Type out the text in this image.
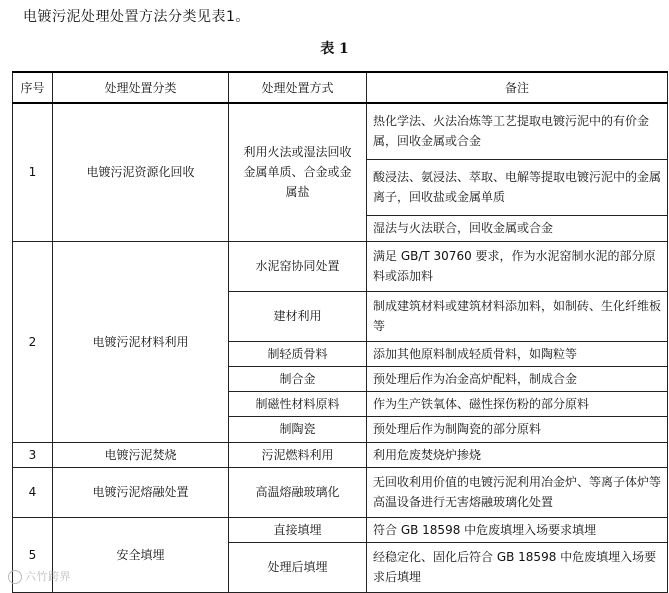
电镀污泥处理处置方法分类见表1。
表 1
序号	处理处置分类	处理处置方式	备注
1	电镀污泥资源化回收	利用火法或湿法回收金属单质、合金或金属盐	热化学法、火法冶炼等工艺提取电镀污泥中的有价金属，回收金属或合金
			酸浸法、氨浸法、萃取、电解等提取电镀污泥中的金属离子，回收盐或金属单质
			湿法与火法联合，回收金属或合金
2	电镀污泥材料利用	水泥窑协同处置	满足 GB/T 30760 要求，作为水泥窑制水泥的部分原料或添加料
		建材利用	制成建筑材料或建筑材料添加料，如制砖、生化纤维板等
		制轻质骨料	添加其他原料制成轻质骨料，如陶粒等
		制合金	预处理后作为冶金高炉配料，制成合金
		制磁性材料原料	作为生产铁氧体、磁性探伤粉的部分原料
		制陶瓷	预处理后作为制陶瓷的部分原料
3	电镀污泥焚烧	污泥燃料利用	利用危废焚烧炉掺烧
4	电镀污泥熔融处置	高温熔融玻璃化	无回收利用价值的电镀污泥利用冶金炉、等离子体炉等高温设备进行无害熔融玻璃化处置
5	安全填埋	直接填埋	符合 GB 18598 中危废填埋入场要求填埋
		处理后填埋	经稳定化、固化后符合 GB 18598 中危废填埋入场要求后填埋
六竹跨界
